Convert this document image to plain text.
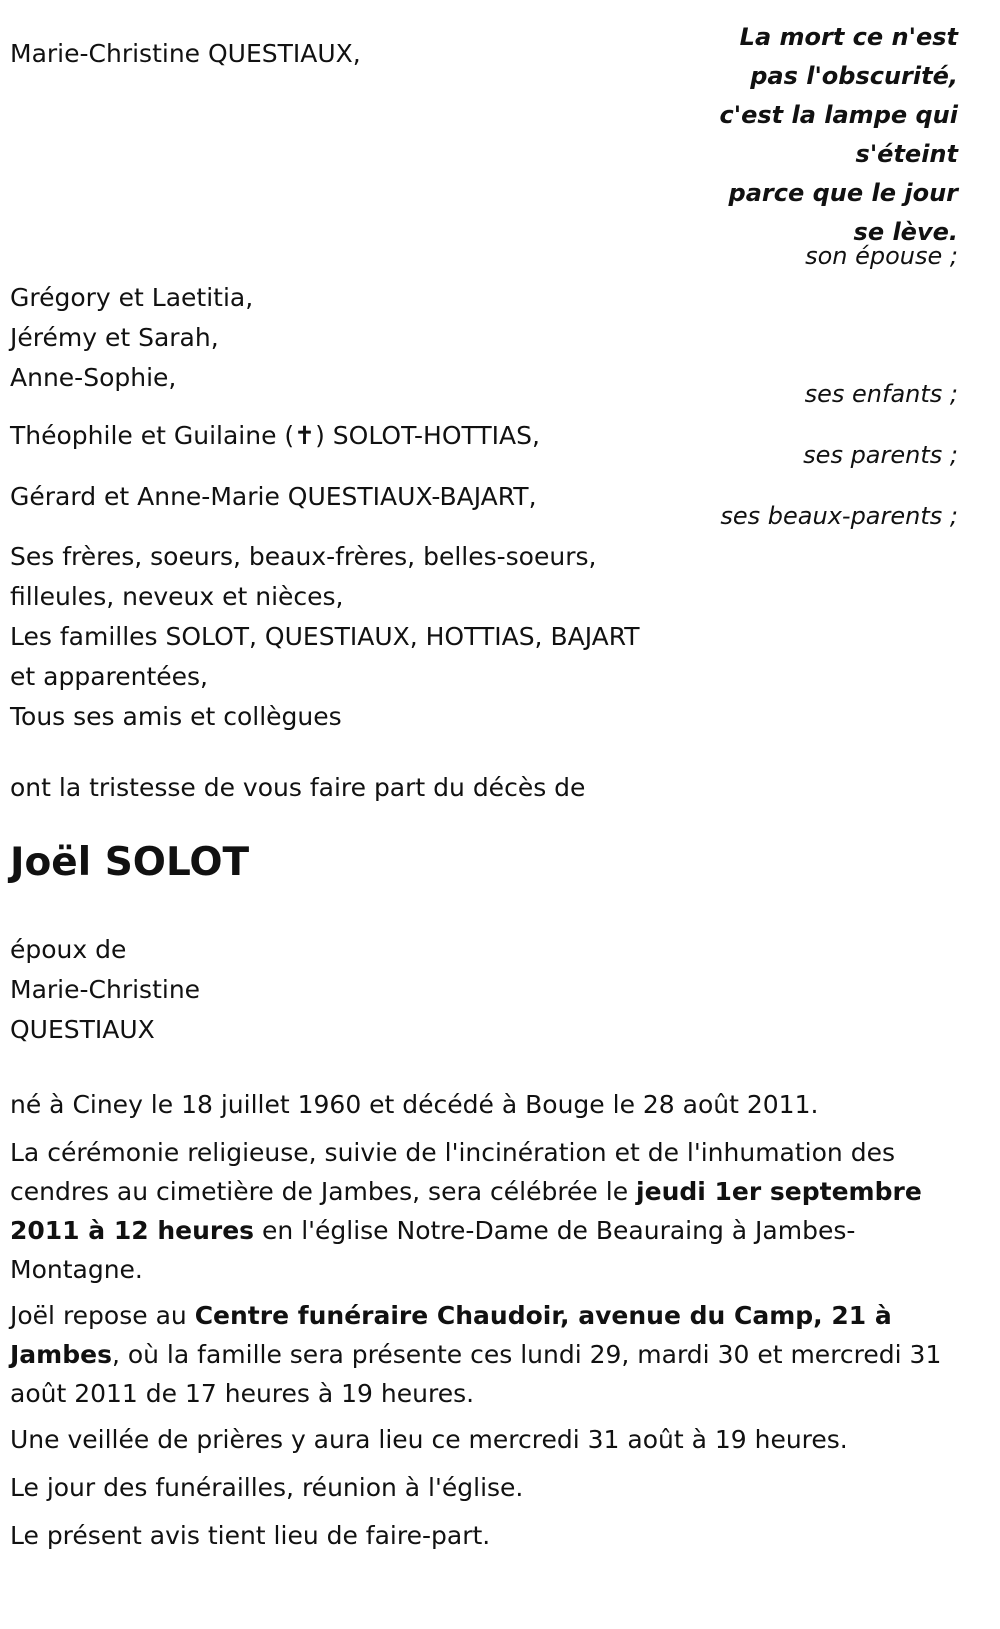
La mort ce n'est
pas l'obscurité,
c'est la lampe qui
s'éteint
parce que le jour
se lève.
son épouse ;
ses enfants ;
ses parents ;
ses beaux-parents ;
Marie-Christine QUESTIAUX,
Grégory et Laetitia,
Jérémy et Sarah,
Anne-Sophie,
Théophile et Guilaine (✝) SOLOT-HOTTIAS,
Gérard et Anne-Marie QUESTIAUX-BAJART,
Ses frères, soeurs, beaux-frères, belles-soeurs,
filleules, neveux et nièces,
Les familles SOLOT, QUESTIAUX, HOTTIAS, BAJART
et apparentées,
Tous ses amis et collègues
ont la tristesse de vous faire part du décès de
Joël SOLOT
époux de
Marie-Christine
QUESTIAUX
né à Ciney le 18 juillet 1960 et décédé à Bouge le 28 août 2011.
La cérémonie religieuse, suivie de l'incinération et de l'inhumation des cendres au cimetière de Jambes, sera célébrée le jeudi 1er septembre 2011 à 12 heures en l'église Notre-Dame de Beauraing à Jambes-Montagne.
Joël repose au Centre funéraire Chaudoir, avenue du Camp, 21 à Jambes, où la famille sera présente ces lundi 29, mardi 30 et mercredi 31 août 2011 de 17 heures à 19 heures.
Une veillée de prières y aura lieu ce mercredi 31 août à 19 heures.
Le jour des funérailles, réunion à l'église.
Le présent avis tient lieu de faire-part.
